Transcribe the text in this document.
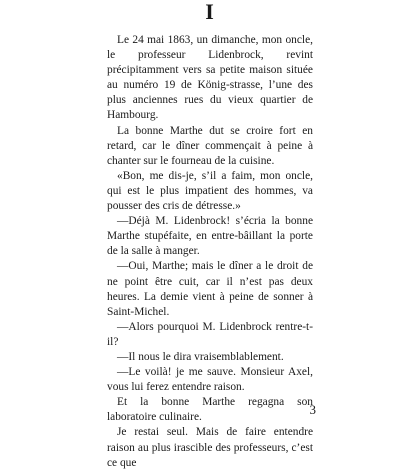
I

Le 24 mai 1863, un dimanche, mon oncle, le professeur Lidenbrock, revint précipitamment vers sa petite maison située au numéro 19 de König-strasse, l’une des plus anciennes rues du vieux quartier de Hambourg.

La bonne Marthe dut se croire fort en retard, car le dîner commençait à peine à chanter sur le fourneau de la cuisine.

«Bon, me dis-je, s’il a faim, mon oncle, qui est le plus impatient des hommes, va pousser des cris de détresse.»

—Déjà M. Lidenbrock! s’écria la bonne Marthe stupéfaite, en entre-bâillant la porte de la salle à manger.

—Oui, Marthe; mais le dîner a le droit de ne point être cuit, car il n’est pas deux heures. La demie vient à peine de sonner à Saint-Michel.

—Alors pourquoi M. Lidenbrock rentre-t-il?

—Il nous le dira vraisemblablement.

—Le voilà! je me sauve. Monsieur Axel, vous lui ferez entendre raison.

Et la bonne Marthe regagna son laboratoire culinaire.

Je restai seul. Mais de faire entendre raison au plus irascible des professeurs, c’est ce que

3
